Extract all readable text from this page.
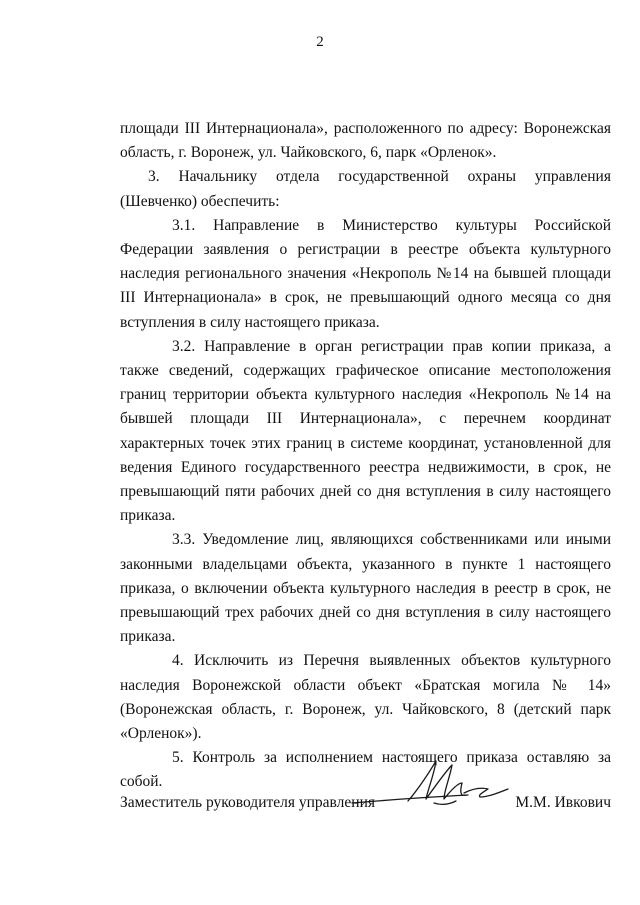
2

площади III Интернационала», расположенного по адресу: Воронежская область, г. Воронеж, ул. Чайковского, 6, парк «Орленок».

3. Начальнику отдела государственной охраны управления

(Шевченко) обеспечить:

3.1. Направление в Министерство культуры Российской Федерации заявления о регистрации в реестре объекта культурного наследия регионального значения «Некрополь №14 на бывшей площади III Интернационала» в срок, не превышающий одного месяца со дня вступления в силу настоящего приказа.

3.2. Направление в орган регистрации прав копии приказа, а также сведений, содержащих графическое описание местоположения границ территории объекта культурного наследия «Некрополь №14 на бывшей площади III Интернационала», с перечнем координат характерных точек этих границ в системе координат, установленной для ведения Единого государственного реестра недвижимости, в срок, не превышающий пяти рабочих дней со дня вступления в силу настоящего приказа.

3.3. Уведомление лиц, являющихся собственниками или иными законными владельцами объекта, указанного в пункте 1 настоящего приказа, о включении объекта культурного наследия в реестр в срок, не превышающий трех рабочих дней со дня вступления в силу настоящего приказа.

4. Исключить из Перечня выявленных объектов культурного наследия Воронежской области объект «Братская могила № 14» (Воронежская область, г. Воронеж, ул. Чайковского, 8 (детский парк «Орленок»).

5. Контроль за исполнением настоящего приказа оставляю за собой.

Заместитель руководителя управления	М.М. Ивкович
